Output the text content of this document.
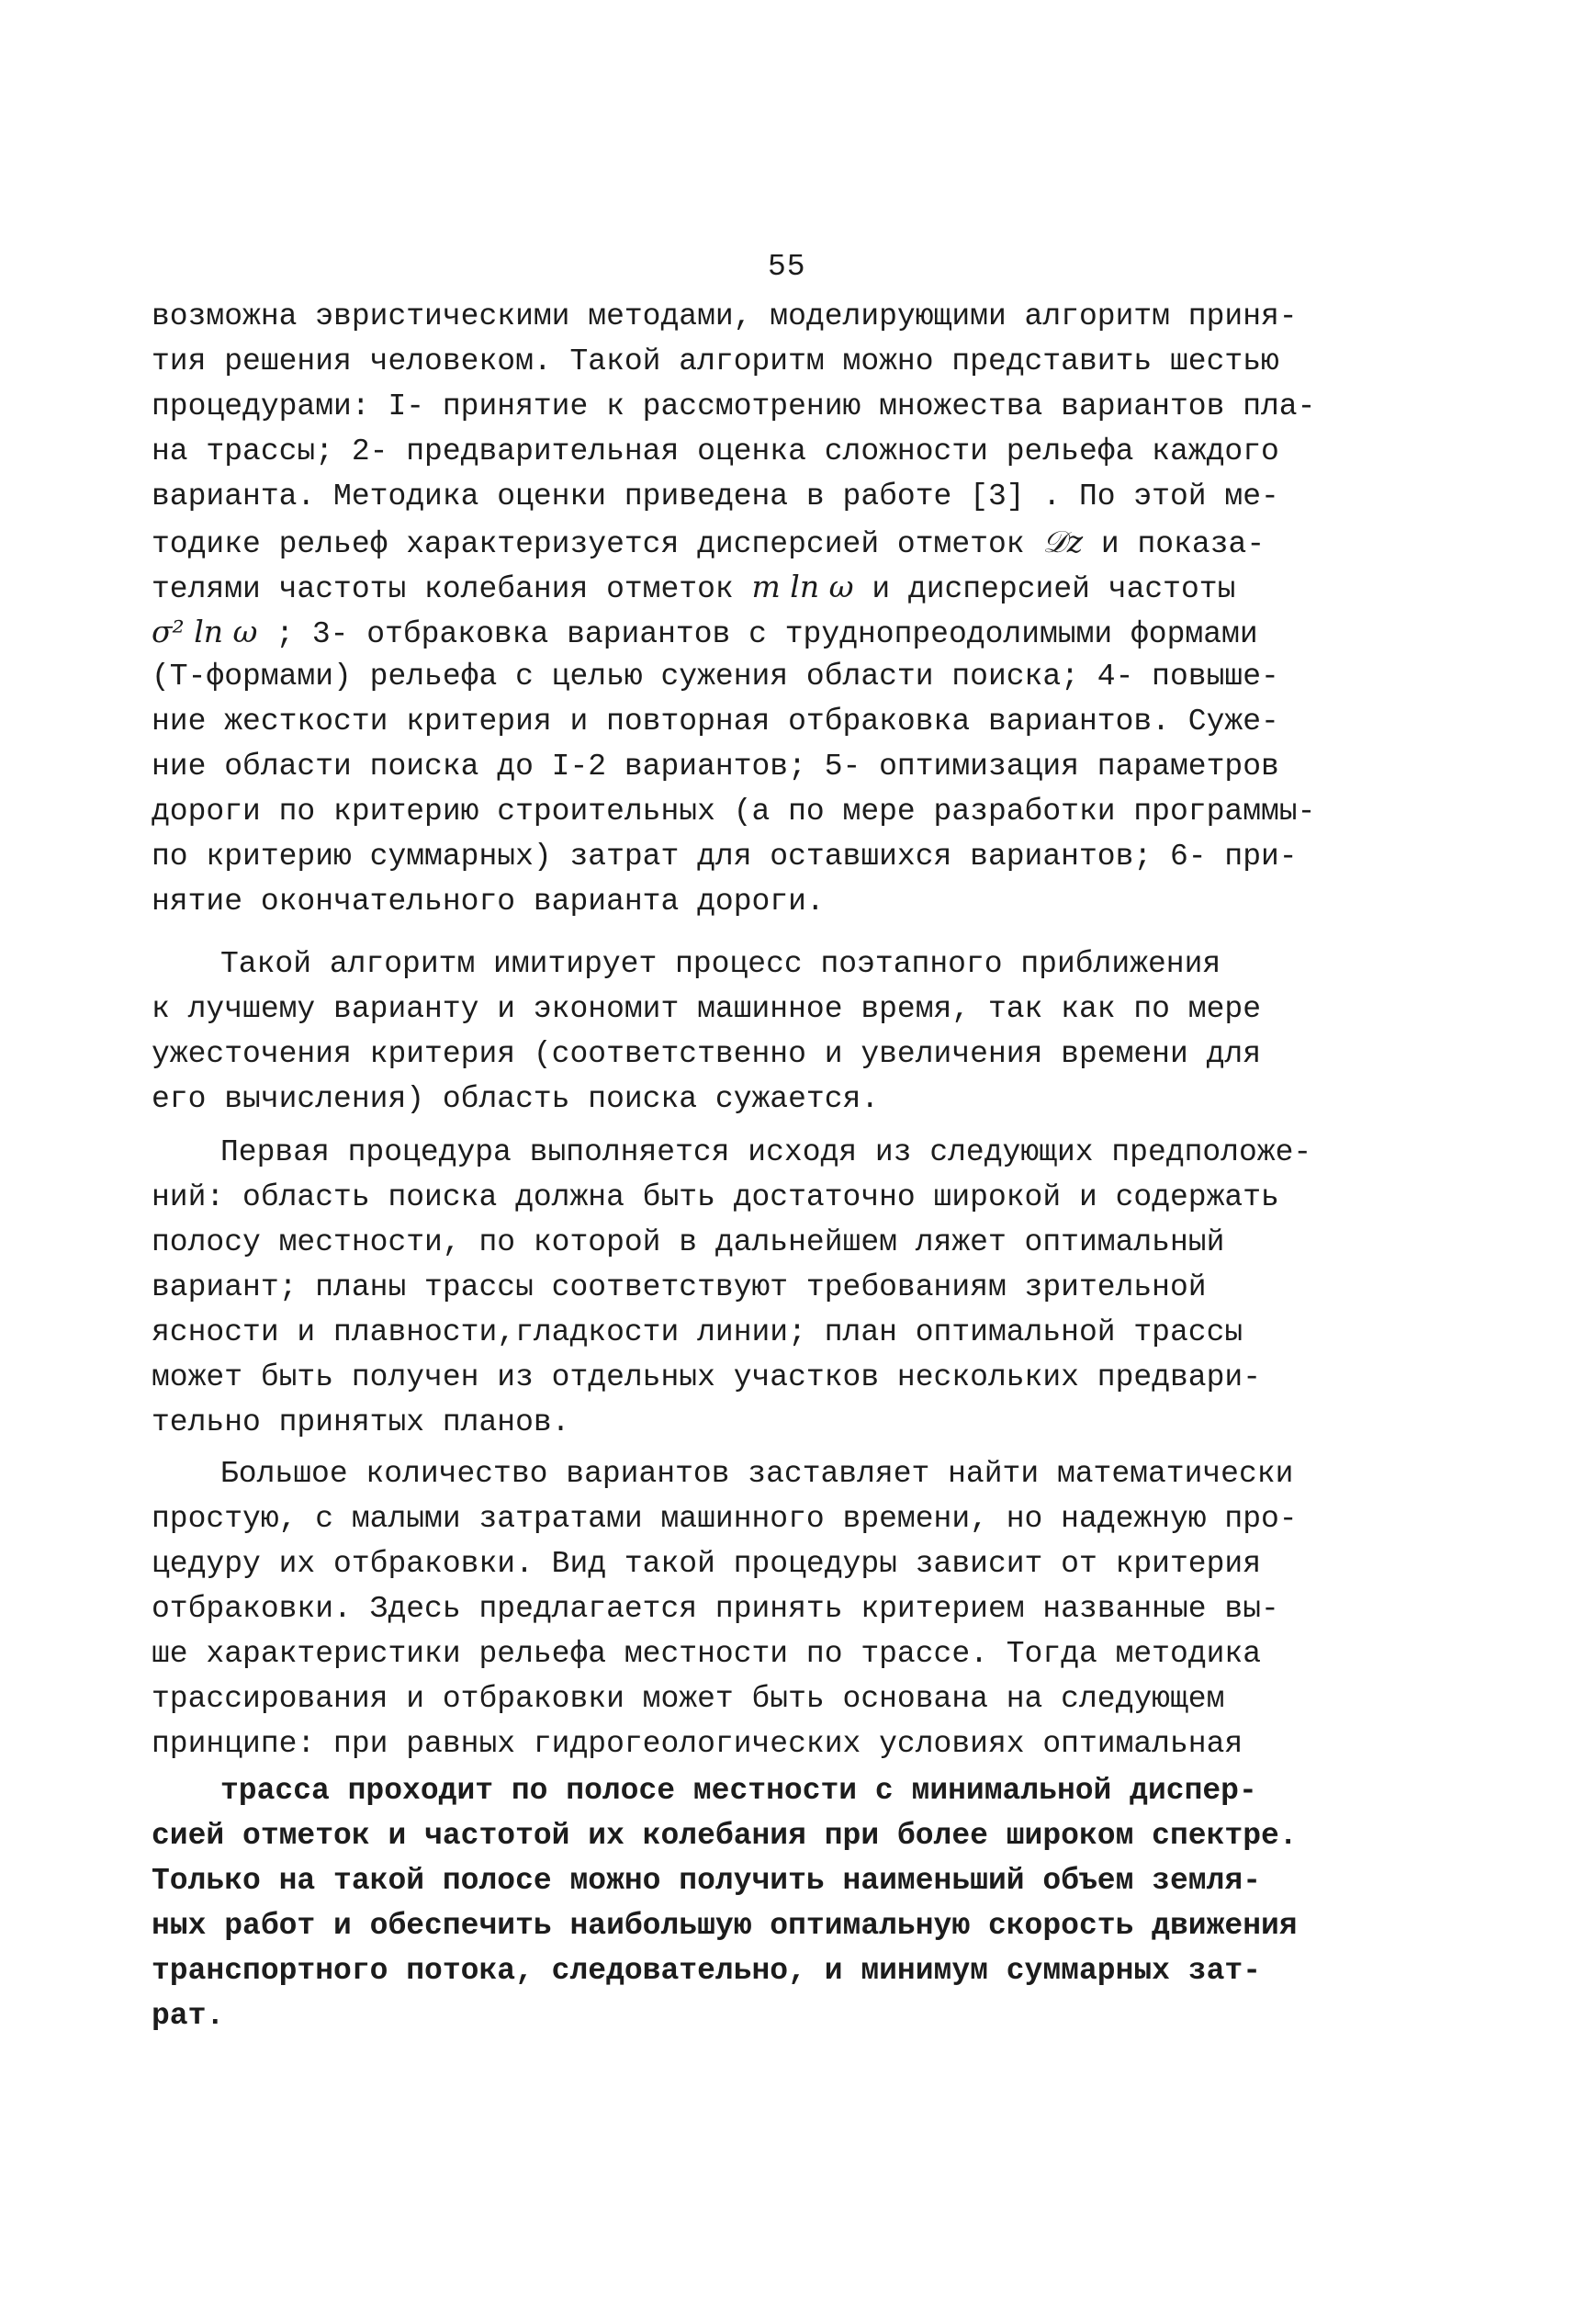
55
возможна эвристическими методами, моделирующими алгоритм приня-
тия решения человеком. Такой алгоритм можно представить шестью
процедурами: I- принятие к рассмотрению множества вариантов пла-
на трассы; 2- предварительная оценка сложности рельефа каждого
варианта. Методика оценки приведена в работе [3] . По этой ме-
тодике рельеф характеризуется дисперсией отметок 𝒟z и показа-
телями частоты колебания отметок m ln ω и дисперсией частоты
σ² ln ω ; 3- отбраковка вариантов с труднопреодолимыми формами
(Т-формами) рельефа с целью сужения области поиска; 4- повыше-
ние жесткости критерия и повторная отбраковка вариантов. Суже-
ние области поиска до I-2 вариантов; 5- оптимизация параметров
дороги по критерию строительных (а по мере разработки программы-
по критерию суммарных) затрат для оставшихся вариантов; 6- при-
нятие окончательного варианта дороги.
Такой алгоритм имитирует процесс поэтапного приближения
к лучшему варианту и экономит машинное время, так как по мере
ужесточения критерия (соответственно и увеличения времени для
его вычисления) область поиска сужается.
Первая процедура выполняется исходя из следующих предположе-
ний: область поиска должна быть достаточно широкой и содержать
полосу местности, по которой в дальнейшем ляжет оптимальный
вариант; планы трассы соответствуют требованиям зрительной
ясности и плавности,гладкости линии; план оптимальной трассы
может быть получен из отдельных участков нескольких предвари-
тельно принятых планов.
Большое количество вариантов заставляет найти математически
простую, с малыми затратами машинного времени, но надежную про-
цедуру их отбраковки. Вид такой процедуры зависит от критерия
отбраковки. Здесь предлагается принять критерием названные вы-
ше характеристики рельефа местности по трассе. Тогда методика
трассирования и отбраковки может быть основана на следующем
принципе: при равных гидрогеологических условиях оптимальная
трасса проходит по полосе местности с минимальной диспер-
сией отметок и частотой их колебания при более широком спектре.
Только на такой полосе можно получить наименьший объем земля-
ных работ и обеспечить наибольшую оптимальную скорость движения
транспортного потока, следовательно, и минимум суммарных зат-
рат.
